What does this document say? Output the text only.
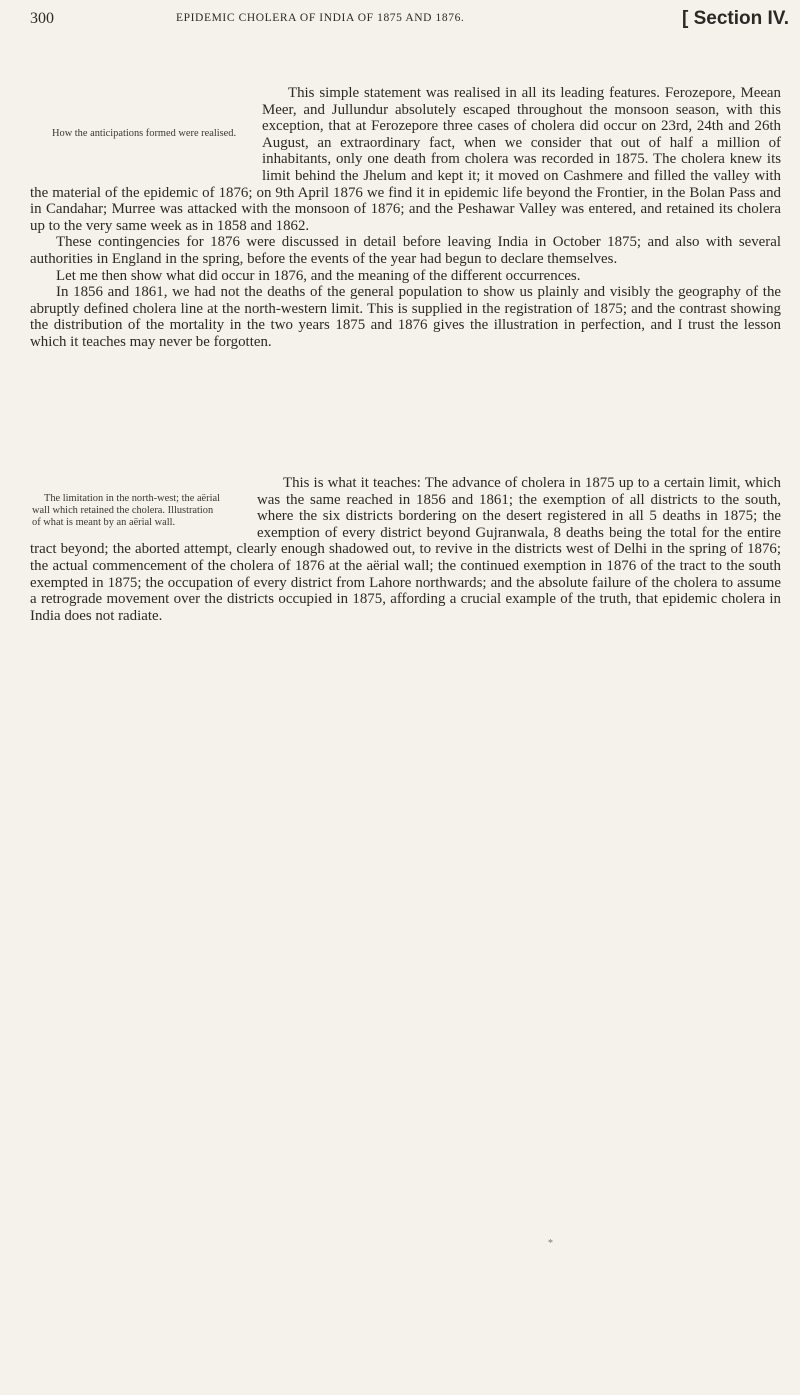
300	EPIDEMIC CHOLERA OF INDIA OF 1875 AND 1876.	[ Section IV.
How the anticipations formed were realised.

This simple statement was realised in all its leading features. Ferozepore, Meean Meer, and Jullundur absolutely escaped throughout the monsoon season, with this exception, that at Ferozepore three cases of cholera did occur on 23rd, 24th and 26th August, an extraordinary fact, when we consider that out of half a million of inhabitants, only one death from cholera was recorded in 1875. The cholera knew its limit behind the Jhelum and kept it; it moved on Cashmere and filled the valley with the material of the epidemic of 1876; on 9th April 1876 we find it in epidemic life beyond the Frontier, in the Bolan Pass and in Candahar; Murree was attacked with the monsoon of 1876; and the Peshawar Valley was entered, and retained its cholera up to the very same week as in 1858 and 1862.

These contingencies for 1876 were discussed in detail before leaving India in October 1875; and also with several authorities in England in the spring, before the events of the year had begun to declare themselves.

Let me then show what did occur in 1876, and the meaning of the different occurrences.

In 1856 and 1861, we had not the deaths of the general population to show us plainly and visibly the geography of the abruptly defined cholera line at the north-western limit. This is supplied in the registration of 1875; and the contrast showing the distribution of the mortality in the two years 1875 and 1876 gives the illustration in perfection, and I trust the lesson which it teaches may never be forgotten.

The limitation in the north-west; the aërial wall which retained the cholera. Illustration of what is meant by an aërial wall.

This is what it teaches: The advance of cholera in 1875 up to a certain limit, which was the same reached in 1856 and 1861; the exemption of all districts to the south, where the six districts bordering on the desert registered in all 5 deaths in 1875; the exemption of every district beyond Gujranwala, 8 deaths being the total for the entire tract beyond; the aborted attempt, clearly enough shadowed out, to revive in the districts west of Delhi in the spring of 1876; the actual commencement of the cholera of 1876 at the aërial wall; the continued exemption in 1876 of the tract to the south exempted in 1875; the occupation of every district from Lahore northwards; and the absolute failure of the cholera to assume a retrograde movement over the districts occupied in 1875, affording a crucial example of the truth, that epidemic cholera in India does not radiate.

*
